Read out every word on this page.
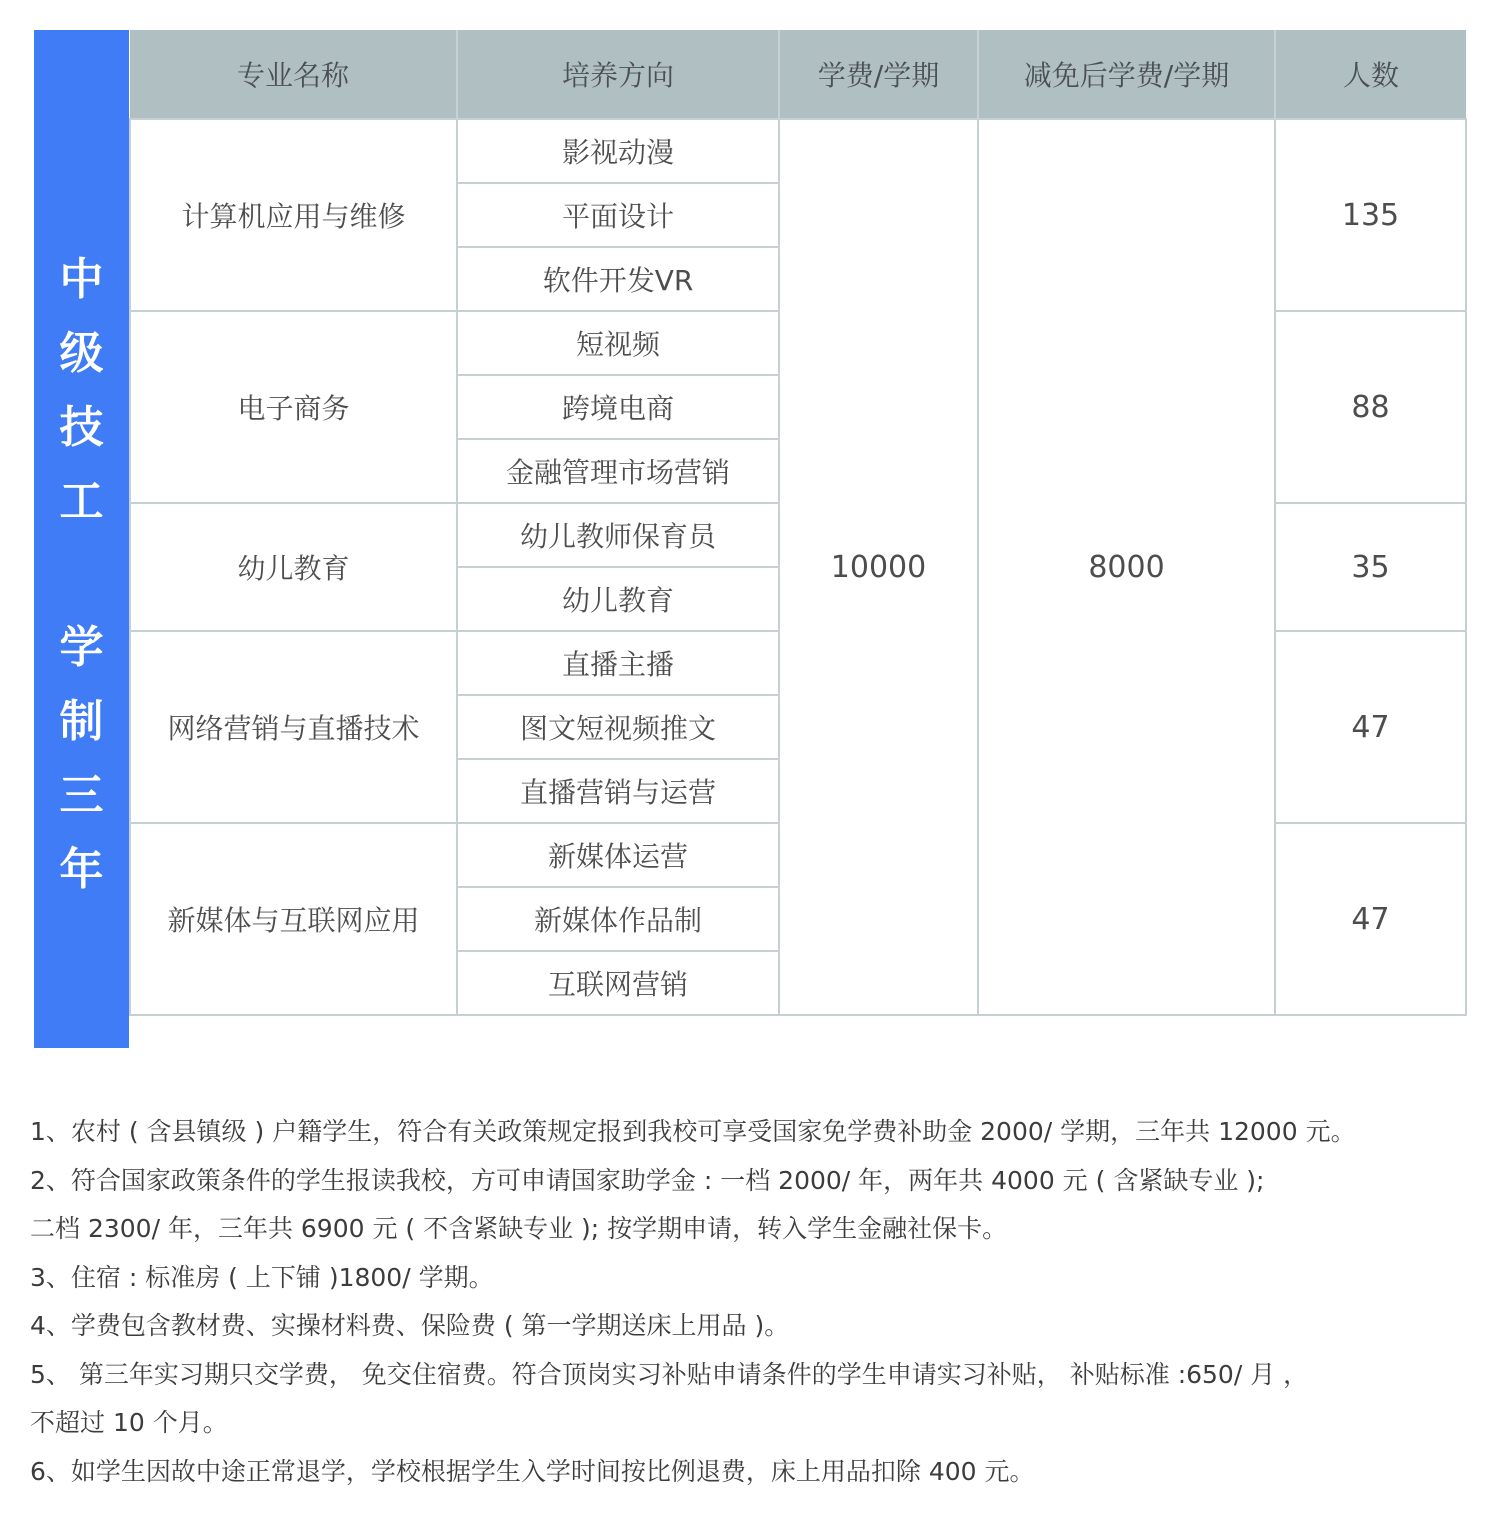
中
级
技
工
学
制
三
年
专业名称	培养方向	学费/学期	减免后学费/学期	人数
计算机应用与维修	影视动漫	10000	8000	135
	平面设计			
	软件开发VR			
电子商务	短视频			88
	跨境电商			
	金融管理市场营销			
幼儿教育	幼儿教师保育员			35
	幼儿教育			
网络营销与直播技术	直播主播			47
	图文短视频推文			
	直播营销与运营			
新媒体与互联网应用	新媒体运营			47
	新媒体作品制			
	互联网营销			
1、农村 ( 含县镇级 ) 户籍学生，符合有关政策规定报到我校可享受国家免学费补助金 2000/ 学期，三年共 12000 元。
2、符合国家政策条件的学生报读我校，方可申请国家助学金 : 一档 2000/ 年，两年共 4000 元 ( 含紧缺专业 );
二档 2300/ 年，三年共 6900 元 ( 不含紧缺专业 ); 按学期申请，转入学生金融社保卡。
3、住宿 : 标准房 ( 上下铺 )1800/ 学期。
4、学费包含教材费、实操材料费、保险费 ( 第一学期送床上用品 )。
5、 第三年实习期只交学费， 免交住宿费。符合顶岗实习补贴申请条件的学生申请实习补贴， 补贴标准 :650/ 月 ，
不超过 10 个月。
6、如学生因故中途正常退学，学校根据学生入学时间按比例退费，床上用品扣除 400 元。
